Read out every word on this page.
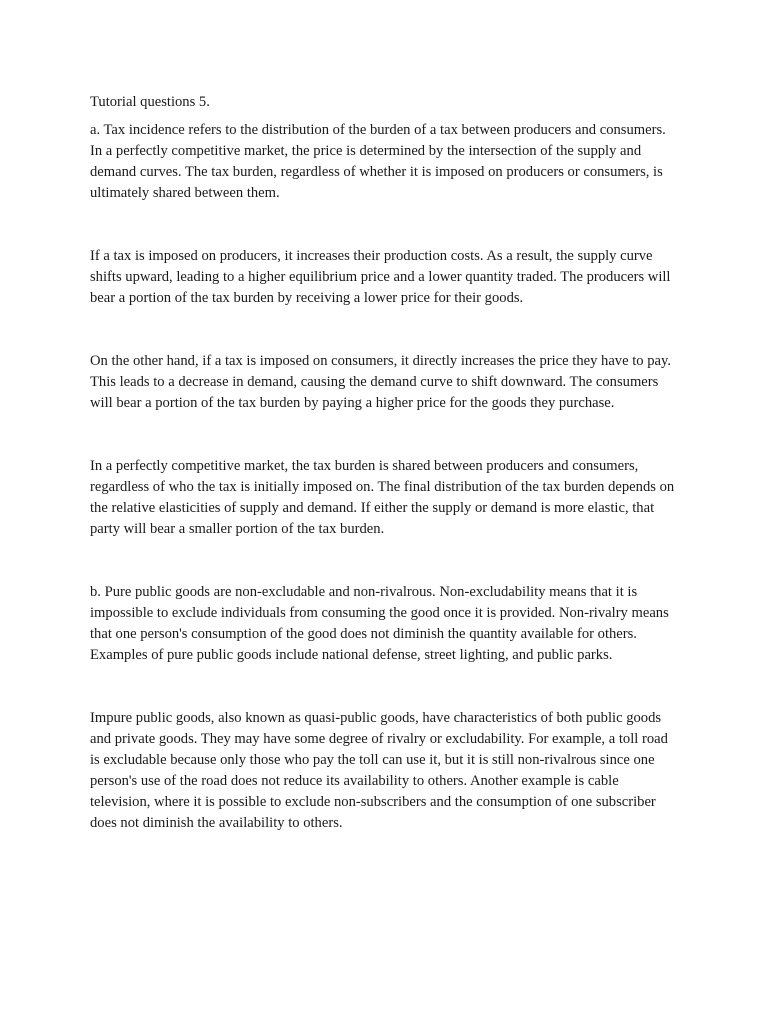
Tutorial questions 5.

a. Tax incidence refers to the distribution of the burden of a tax between producers and consumers. In a perfectly competitive market, the price is determined by the intersection of the supply and demand curves. The tax burden, regardless of whether it is imposed on producers or consumers, is ultimately shared between them.

If a tax is imposed on producers, it increases their production costs. As a result, the supply curve shifts upward, leading to a higher equilibrium price and a lower quantity traded. The producers will bear a portion of the tax burden by receiving a lower price for their goods.

On the other hand, if a tax is imposed on consumers, it directly increases the price they have to pay. This leads to a decrease in demand, causing the demand curve to shift downward. The consumers will bear a portion of the tax burden by paying a higher price for the goods they purchase.

In a perfectly competitive market, the tax burden is shared between producers and consumers, regardless of who the tax is initially imposed on. The final distribution of the tax burden depends on the relative elasticities of supply and demand. If either the supply or demand is more elastic, that party will bear a smaller portion of the tax burden.

b. Pure public goods are non-excludable and non-rivalrous. Non-excludability means that it is impossible to exclude individuals from consuming the good once it is provided. Non-rivalry means that one person's consumption of the good does not diminish the quantity available for others. Examples of pure public goods include national defense, street lighting, and public parks.

Impure public goods, also known as quasi-public goods, have characteristics of both public goods and private goods. They may have some degree of rivalry or excludability. For example, a toll road is excludable because only those who pay the toll can use it, but it is still non-rivalrous since one person's use of the road does not reduce its availability to others. Another example is cable television, where it is possible to exclude non-subscribers and the consumption of one subscriber does not diminish the availability to others.
